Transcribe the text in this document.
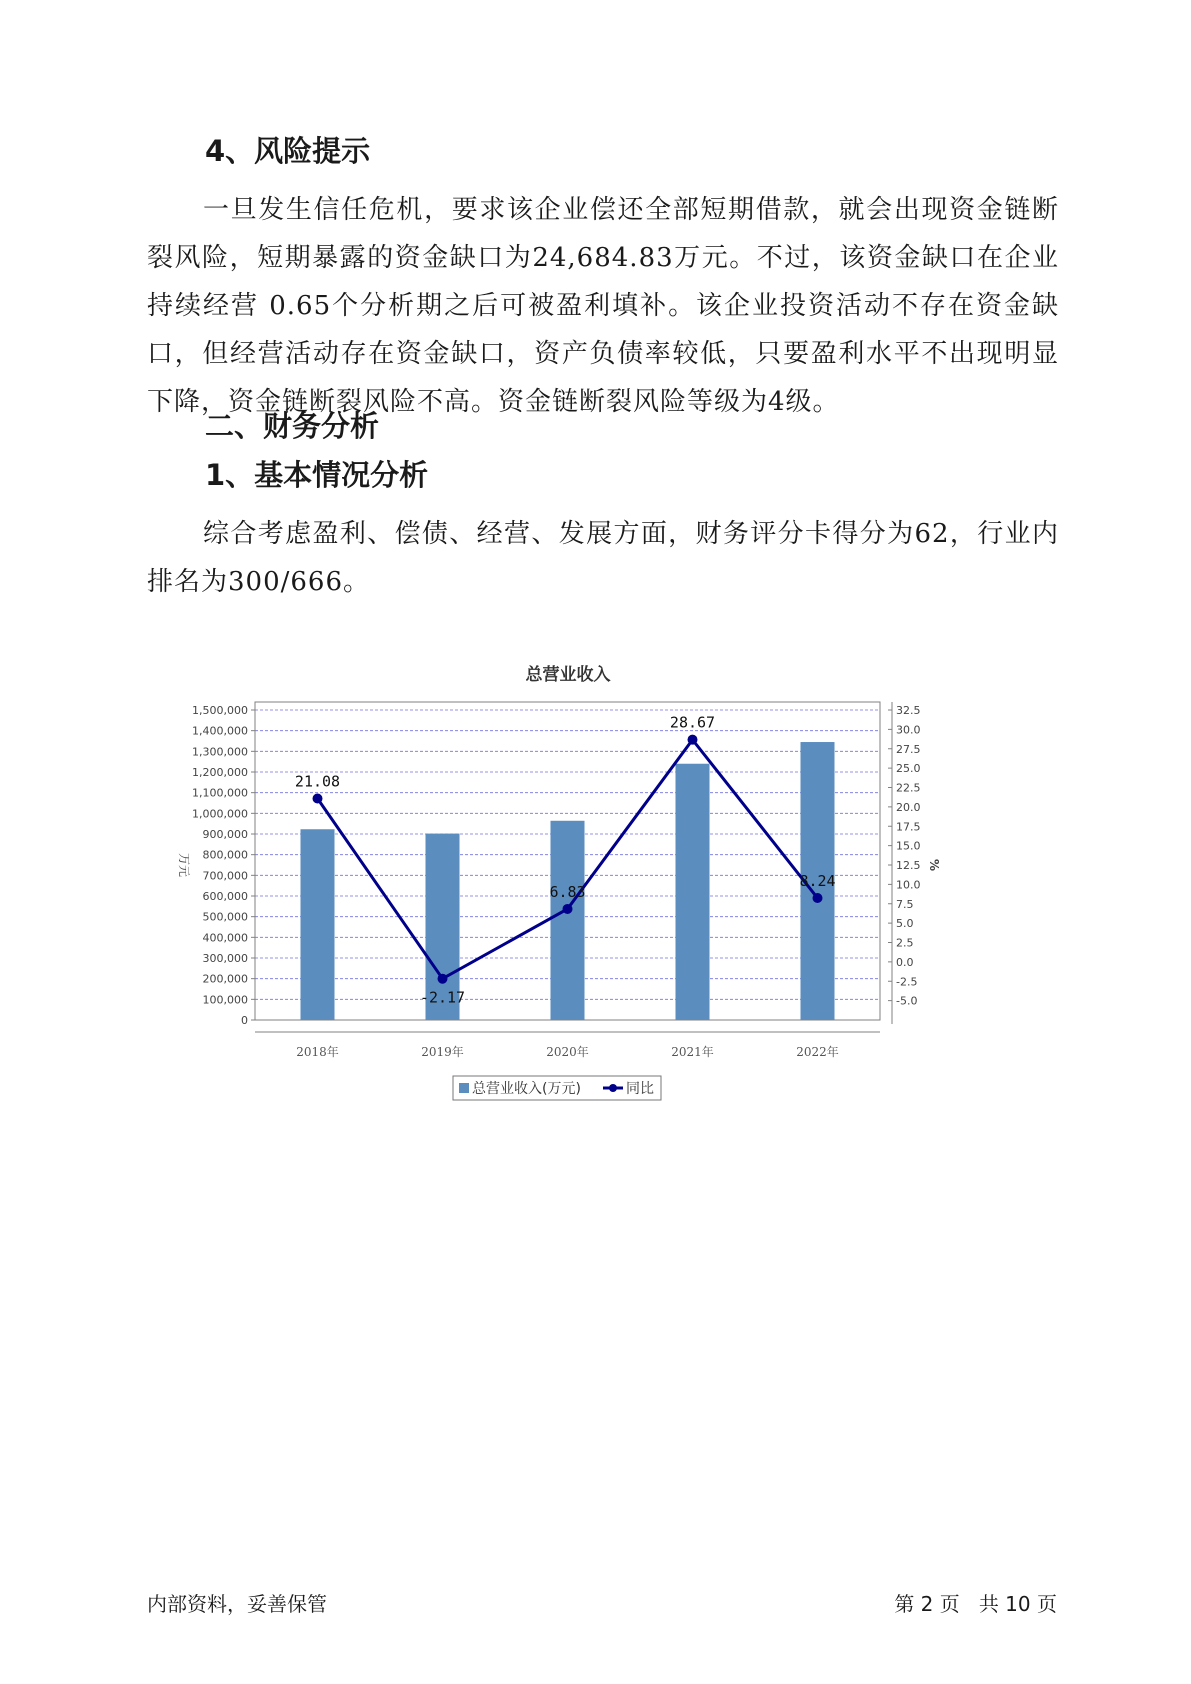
4、风险提示

一旦发生信任危机，要求该企业偿还全部短期借款，就会出现资金链断裂风险，短期暴露的资金缺口为24,684.83万元。不过，该资金缺口在企业持续经营 0.65个分析期之后可被盈利填补。该企业投资活动不存在资金缺口，但经营活动存在资金缺口，资产负债率较低，只要盈利水平不出现明显下降，资金链断裂风险不高。资金链断裂风险等级为4级。

二、财务分析
1、基本情况分析

综合考虑盈利、偿债、经营、发展方面，财务评分卡得分为62，行业内排名为300/666。

总营业收入
0
100,000
200,000
300,000
400,000
500,000
600,000
700,000
800,000
900,000
1,000,000
1,100,000
1,200,000
1,300,000
1,400,000
1,500,000
-5.0
-2.5
0.0
2.5
5.0
7.5
10.0
12.5
15.0
17.5
20.0
22.5
25.0
27.5
30.0
32.5
万元	%
2018年	2019年	2020年	2021年	2022年
21.08
-2.17
6.83
28.67
8.24
总营业收入(万元)	同比
内部资料，妥善保管	第 2 页   共 10 页
